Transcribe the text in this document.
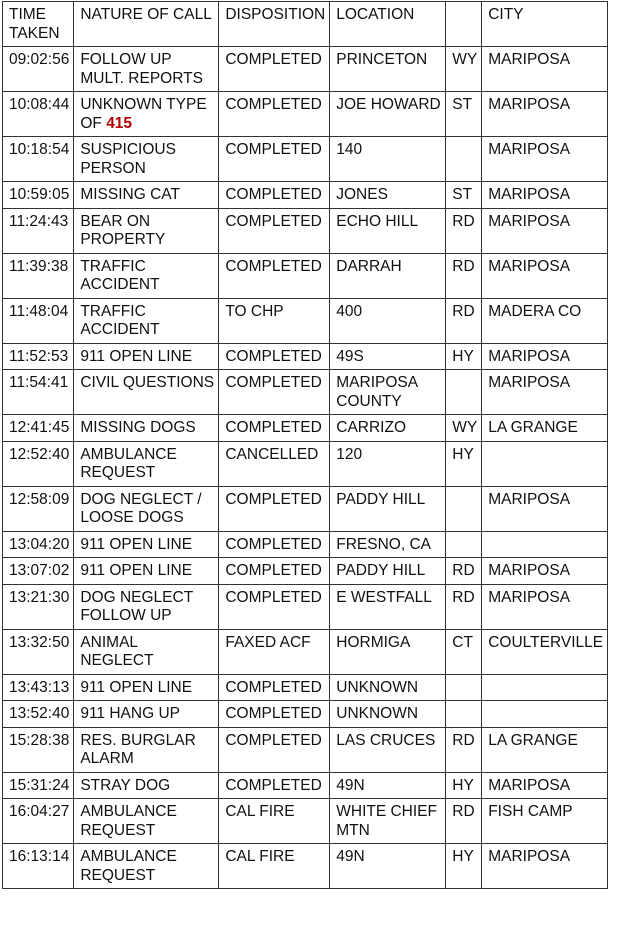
TIME TAKEN	NATURE OF CALL	DISPOSITION	LOCATION		CITY
09:02:56	FOLLOW UP MULT. REPORTS	COMPLETED	PRINCETON	WY	MARIPOSA
10:08:44	UNKNOWN TYPE OF 415	COMPLETED	JOE HOWARD	ST	MARIPOSA
10:18:54	SUSPICIOUS PERSON	COMPLETED	140		MARIPOSA
10:59:05	MISSING CAT	COMPLETED	JONES	ST	MARIPOSA
11:24:43	BEAR ON PROPERTY	COMPLETED	ECHO HILL	RD	MARIPOSA
11:39:38	TRAFFIC ACCIDENT	COMPLETED	DARRAH	RD	MARIPOSA
11:48:04	TRAFFIC ACCIDENT	TO CHP	400	RD	MADERA CO
11:52:53	911 OPEN LINE	COMPLETED	49S	HY	MARIPOSA
11:54:41	CIVIL QUESTIONS	COMPLETED	MARIPOSA COUNTY		MARIPOSA
12:41:45	MISSING DOGS	COMPLETED	CARRIZO	WY	LA GRANGE
12:52:40	AMBULANCE REQUEST	CANCELLED	120	HY	
12:58:09	DOG NEGLECT / LOOSE DOGS	COMPLETED	PADDY HILL		MARIPOSA
13:04:20	911 OPEN LINE	COMPLETED	FRESNO, CA		
13:07:02	911 OPEN LINE	COMPLETED	PADDY HILL	RD	MARIPOSA
13:21:30	DOG NEGLECT FOLLOW UP	COMPLETED	E WESTFALL	RD	MARIPOSA
13:32:50	ANIMAL NEGLECT	FAXED ACF	HORMIGA	CT	COULTERVILLE
13:43:13	911 OPEN LINE	COMPLETED	UNKNOWN		
13:52:40	911 HANG UP	COMPLETED	UNKNOWN		
15:28:38	RES. BURGLAR ALARM	COMPLETED	LAS CRUCES	RD	LA GRANGE
15:31:24	STRAY DOG	COMPLETED	49N	HY	MARIPOSA
16:04:27	AMBULANCE REQUEST	CAL FIRE	WHITE CHIEF MTN	RD	FISH CAMP
16:13:14	AMBULANCE REQUEST	CAL FIRE	49N	HY	MARIPOSA
